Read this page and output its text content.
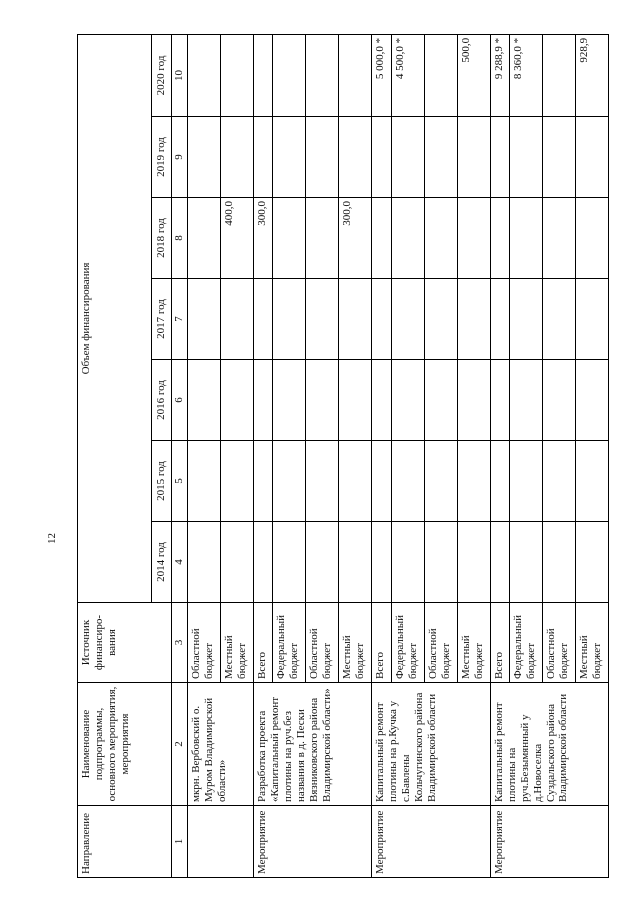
12
Направление	Наименование подпрограммы, основного мероприятия, мероприятия	Источник финансиро-вания	Объем финансирования						
			2014 год	2015 год	2016 год	2017 год	2018 год	2019 год	2020 год
1	2	3	4	5	6	7	8	9	10
	мкрн. Вербовский о. Муром Владимирской области»	Областной бюджет							
		Местный бюджет					400,0		
Мероприятие	Разработка проекта «Капитальный ремонт плотины на руч.без названия в д. Пески Вязниковского района Владимирской области»	Всего					300,0		
		Федеральный бюджет							
		Областной бюджет							
		Местный бюджет					300,0		
Мероприятие	Капитальный ремонт плотины на р.Кучка у с.Бавлены Кольчугинского района Владимирской области	Всего							5 000,0 *
		Федеральный бюджет							4 500,0 *
		Областной бюджет							
		Местный бюджет							500,0
Мероприятие	Капитальный ремонт плотины на руч.Безымянный у д.Новоселка Суздальского района Владимирской области	Всего							9 288,9 *
		Федеральный бюджет							8 360,0 *
		Областной бюджет							
		Местный бюджет							928,9
